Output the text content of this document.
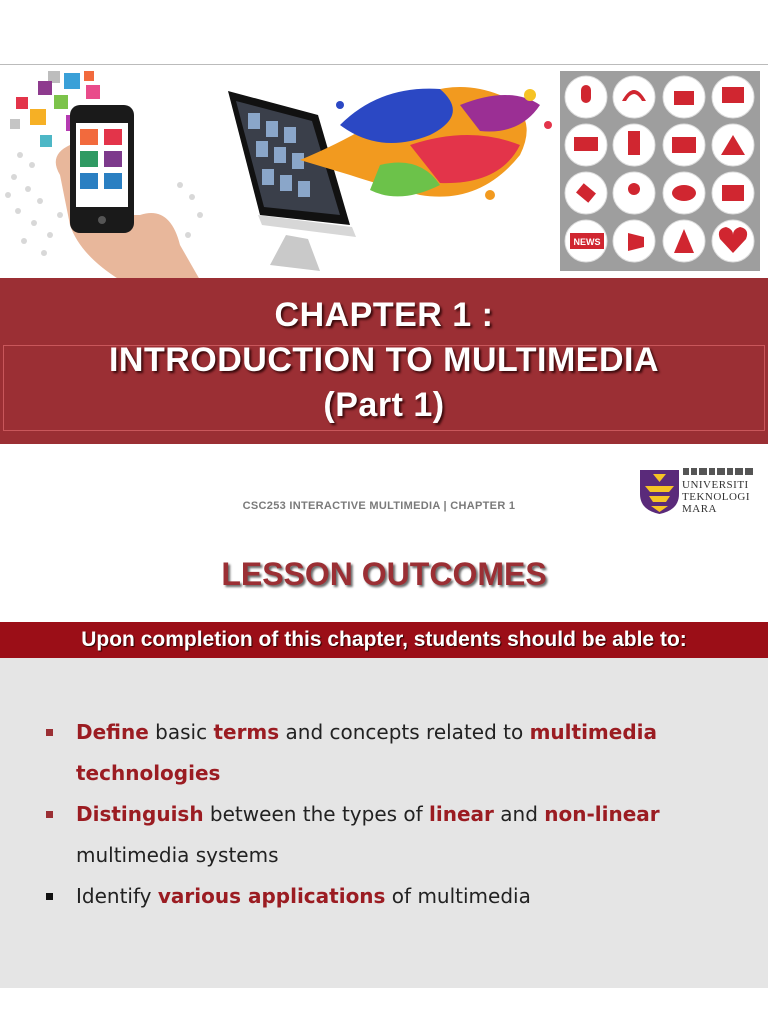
NEWS
CHAPTER 1 :
INTRODUCTION TO MULTIMEDIA
(Part 1)
CSC253 INTERACTIVE MULTIMEDIA | CHAPTER 1
UNIVERSITI
TEKNOLOGI
MARA
LESSON OUTCOMES
Upon completion of this chapter, students should be able to:
Define basic terms and concepts related to multimedia technologies
Distinguish between the types of linear and non-linear multimedia systems
Identify various applications of multimedia
